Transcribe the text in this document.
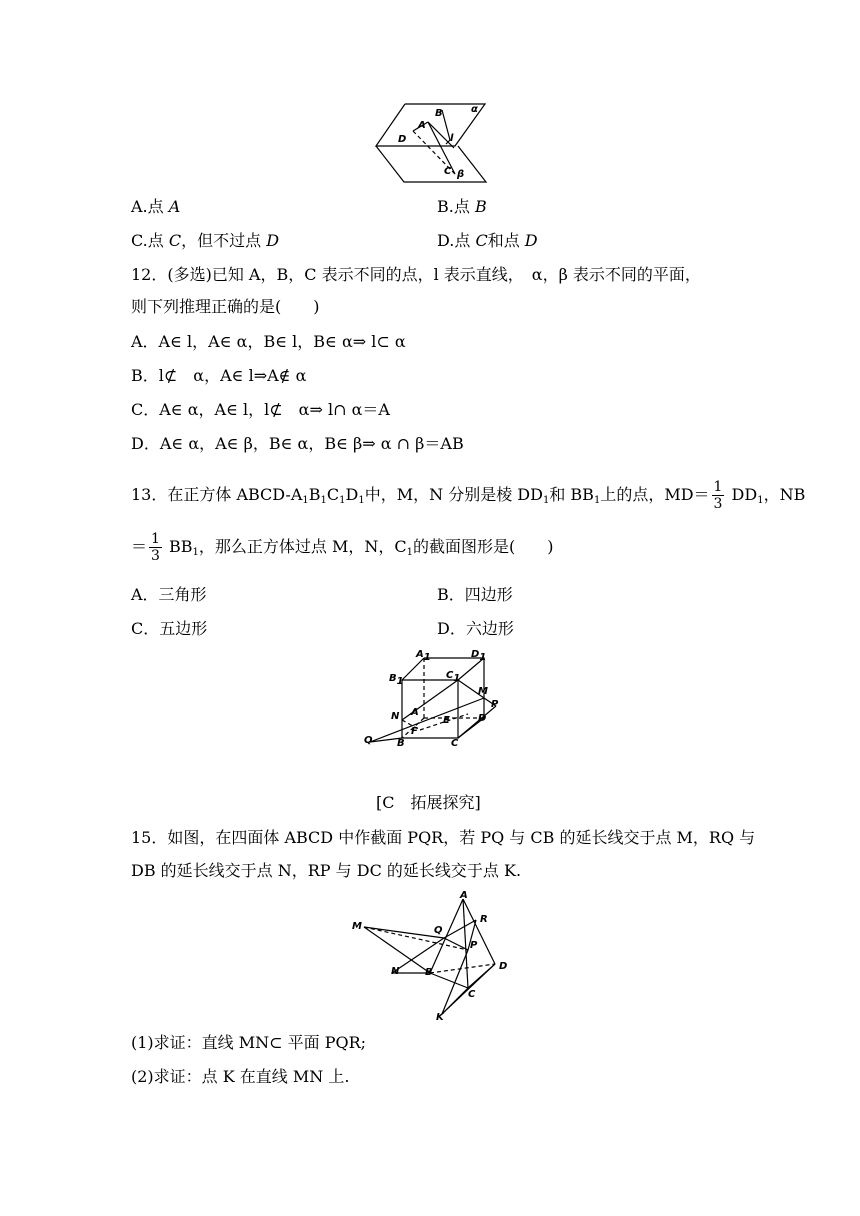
α
B
A
D	l
C β
A.点 A	B.点 B
C.点 C，但不过点 D	D.点 C和点 D
12．(多选)已知 A，B，C 表示不同的点，l 表示直线，　α，β 表示不同的平面，
则下列推理正确的是(　　)
A．A∈ l，A∈ α，B∈ l，B∈ α⇒ l⊂ α
B．l⊄　α，A∈ l⇒A∉ α
C．A∈ α，A∈ l，l⊄　α⇒ l∩ α＝A
D．A∈ α，A∈ β，B∈ α，B∈ β⇒ α ∩ β＝AB
13．在正方体 ABCD-$A_1B_1C_1D_1$中，M，N 分别是棱 $DD_1$和 $BB_1$上的点，$MD= \frac{1}{3} DD_1$，NB
＝ $\frac{1}{3} BB_1$，那么正方体过点 M，N，$C_1$的截面图形是(　　)
A．三角形	B．四边形
C．五边形	D．六边形
$A_1$	$D_1$
$B_1$
$C_1$
M
P
N A
E	D
F
Q B	C
[C　拓展探究]
15．如图，在四面体 ABCD 中作截面 PQR，若 PQ 与 CB 的延长线交于点 M，RQ 与
DB 的延长线交于点 N，RP 与 DC 的延长线交于点 K.
A
R
M	Q
P
N	B
D
C
K
(1)求证：直线 MN⊂ 平面 PQR;
(2)求证：点 K 在直线 MN 上.
